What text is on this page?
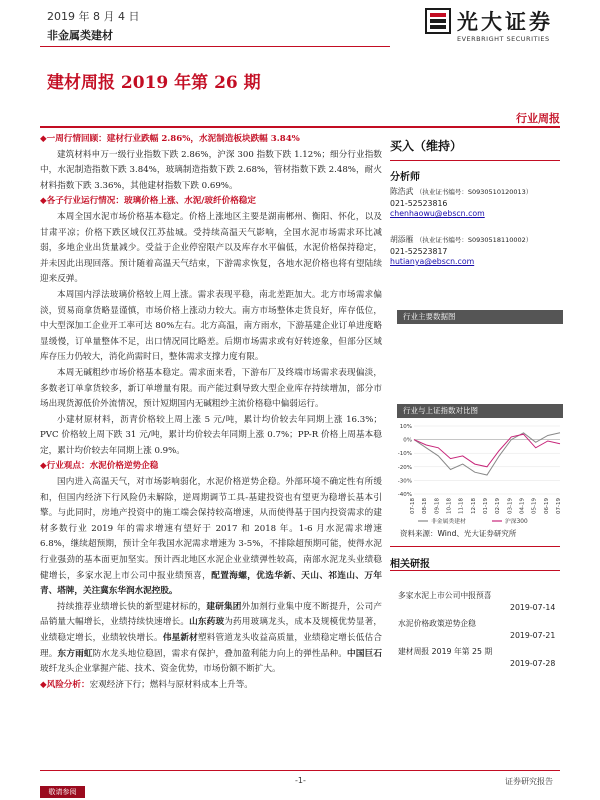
2019 年 8 月 4 日
非金属类建材
光大证券
EVERBRIGHT SECURITIES
建材周报 2019 年第 26 期
行业周报

◆一周行情回顾：建材行业跌幅 2.86%，水泥制造板块跌幅 3.84%

建筑材料申万一级行业指数下跌 2.86%，沪深 300 指数下跌 1.12%；细分行业指数中，水泥制造指数下跌 3.84%，玻璃制造指数下跌 2.68%，管材指数下跌 2.48%，耐火材料指数下跌 3.36%，其他建材指数下跌 0.69%。

◆各子行业运行情况：玻璃价格上涨、水泥/玻纤价格稳定

本周全国水泥市场价格基本稳定。价格上涨地区主要是湖南郴州、衡阳、怀化，以及甘肃平凉；价格下跌区域仅江苏盐城。受持续高温天气影响，全国水泥市场需求环比减弱，多地企业出货量减少。受益于企业停窑限产以及库存水平偏低，水泥价格保持稳定，并未因此出现回落。预计随着高温天气结束，下游需求恢复，各地水泥价格也将有望陆续迎来反弹。

本周国内浮法玻璃价格较上周上涨。需求表现平稳，南北差距加大。北方市场需求偏淡，贸易商拿货略显谨慎，市场价格上涨动力较大。南方市场整体走货良好，库存低位，中大型深加工企业开工率可达 80%左右。北方高温，南方雨水，下游基建企业订单进度略显缓慢，订单量整体不足，出口情况同比略差。后期市场需求或有好转迹象，但部分区域库存压力仍较大，消化尚需时日，整体需求支撑力度有限。

本周无碱粗纱市场价格基本稳定。需求面来看，下游布厂及终端市场需求表现偏淡，多数老订单拿货较多，新订单增量有限。而产能过剩导致大型企业库存持续增加，部分市场出现货源低价外流情况，预计短期国内无碱粗纱主流价格稳中偏弱运行。

小建材原材料，沥青价格较上周上涨 5 元/吨，累计均价较去年同期上涨 16.3%；PVC 价格较上周下跌 31 元/吨，累计均价较去年同期上涨 0.7%；PP-R 价格上周基本稳定，累计均价较去年同期上涨 0.9%。

◆行业观点：水泥价格逆势企稳

国内进入高温天气，对市场影响弱化，水泥价格逆势企稳。外部环境不确定性有所缓和，但国内经济下行风险仍未解除，逆周期调节工具-基建投资也有望更为稳增长基本引擎。与此同时，房地产投资中的施工端会保持较高增速，从而使得基于国内投资需求的建材多数行业 2019 年的需求增速有望好于 2017 和 2018 年。1-6 月水泥需求增速 6.8%，继续超预期，预计全年我国水泥需求增速为 3-5%，不排除超预期可能，使得水泥行业强劲的基本面更加坚实。预计西北地区水泥企业业绩弹性较高，南部水泥龙头业绩稳健增长，多家水泥上市公司中报业绩预喜，配置海螺，优选华新、天山、祁连山、万年青、塔牌，关注冀东华润水泥控股。

持续推荐业绩增长快的新型建材标的，建研集团外加剂行业集中度不断提升，公司产品销量大幅增长，业绩持续快速增长。山东药玻为药用玻璃龙头，成本及规模优势显著，业绩稳定增长，业绩较快增长。伟星新材塑料管道龙头收益高质量，业绩稳定增长低估合理。东方雨虹防水龙头地位稳固，需求有保护，叠加盈利能力向上的弹性品种。中国巨石玻纤龙头企业掌握产能、技术、资金优势，市场份额不断扩大。

◆风险分析：宏观经济下行；燃料与原材料成本上升等。

买入（维持）
分析师
陈浩武 （执业证书编号：S0930510120013）
021-52523816
chenhaowu@ebscn.com
胡添雁 （执业证书编号：S0930518110002）
021-52523817
hutianya@ebscn.com
行业主要数据图
行业与上证指数对比图
10%
0%
-10%
-20%
-30%
-40%
07-18 08-18 09-18 10-18 11-18 12-18 01-19 02-19 03-19 04-19 05-19 06-19 07-19
非金属类建材	沪深300
资料来源：Wind、光大证券研究所
相关研报
多家水泥上市公司中报预喜
2019-07-14
水泥价格政策逆势企稳
2019-07-21
建材周报 2019 年第 25 期
2019-07-28
-1-	证券研究报告
敬请参阅
